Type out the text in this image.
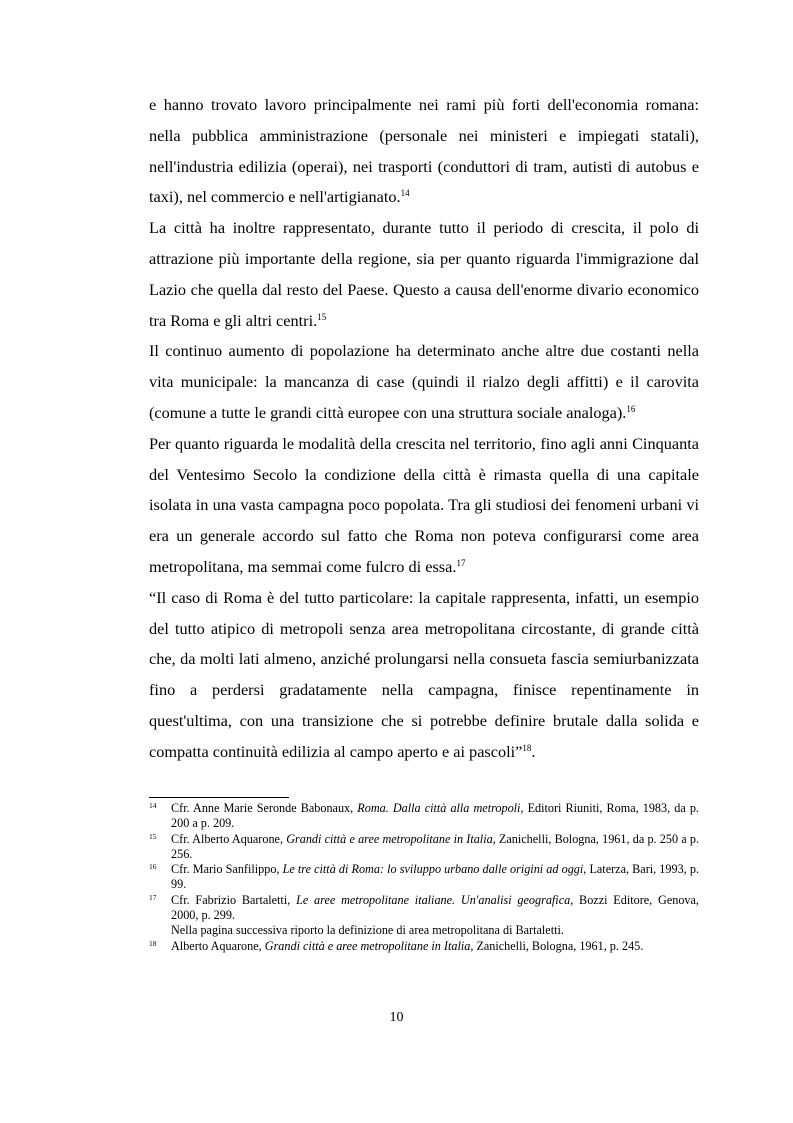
e hanno trovato lavoro principalmente nei rami più forti dell'economia romana: nella pubblica amministrazione (personale nei ministeri e impiegati statali), nell'industria edilizia (operai), nei trasporti (conduttori di tram, autisti di autobus e taxi), nel commercio e nell'artigianato.$^{14}$

La città ha inoltre rappresentato, durante tutto il periodo di crescita, il polo di attrazione più importante della regione, sia per quanto riguarda l'immigrazione dal Lazio che quella dal resto del Paese. Questo a causa dell'enorme divario economico tra Roma e gli altri centri.$^{15}$

Il continuo aumento di popolazione ha determinato anche altre due costanti nella vita municipale: la mancanza di case (quindi il rialzo degli affitti) e il carovita (comune a tutte le grandi città europee con una struttura sociale analoga).$^{16}$

Per quanto riguarda le modalità della crescita nel territorio, fino agli anni Cinquanta del Ventesimo Secolo la condizione della città è rimasta quella di una capitale isolata in una vasta campagna poco popolata. Tra gli studiosi dei fenomeni urbani vi era un generale accordo sul fatto che Roma non poteva configurarsi come area metropolitana, ma semmai come fulcro di essa.$^{17}$

“Il caso di Roma è del tutto particolare: la capitale rappresenta, infatti, un esempio del tutto atipico di metropoli senza area metropolitana circostante, di grande città che, da molti lati almeno, anziché prolungarsi nella consueta fascia semiurbanizzata fino a perdersi gradatamente nella campagna, finisce repentinamente in quest'ultima, con una transizione che si potrebbe definire brutale dalla solida e compatta continuità edilizia al campo aperto e ai pascoli”$^{18}$.

14 Cfr. Anne Marie Seronde Babonaux, Roma. Dalla città alla metropoli, Editori Riuniti, Roma, 1983, da p. 200 a p. 209.
15 Cfr. Alberto Aquarone, Grandi città e aree metropolitane in Italia, Zanichelli, Bologna, 1961, da p. 250 a p. 256.
16 Cfr. Mario Sanfilippo, Le tre città di Roma: lo sviluppo urbano dalle origini ad oggi, Laterza, Bari, 1993, p. 99.
17 Cfr. Fabrizio Bartaletti, Le aree metropolitane italiane. Un'analisi geografica, Bozzi Editore, Genova, 2000, p. 299.
Nella pagina successiva riporto la definizione di area metropolitana di Bartaletti.
18 Alberto Aquarone, Grandi città e aree metropolitane in Italia, Zanichelli, Bologna, 1961, p. 245.
10
